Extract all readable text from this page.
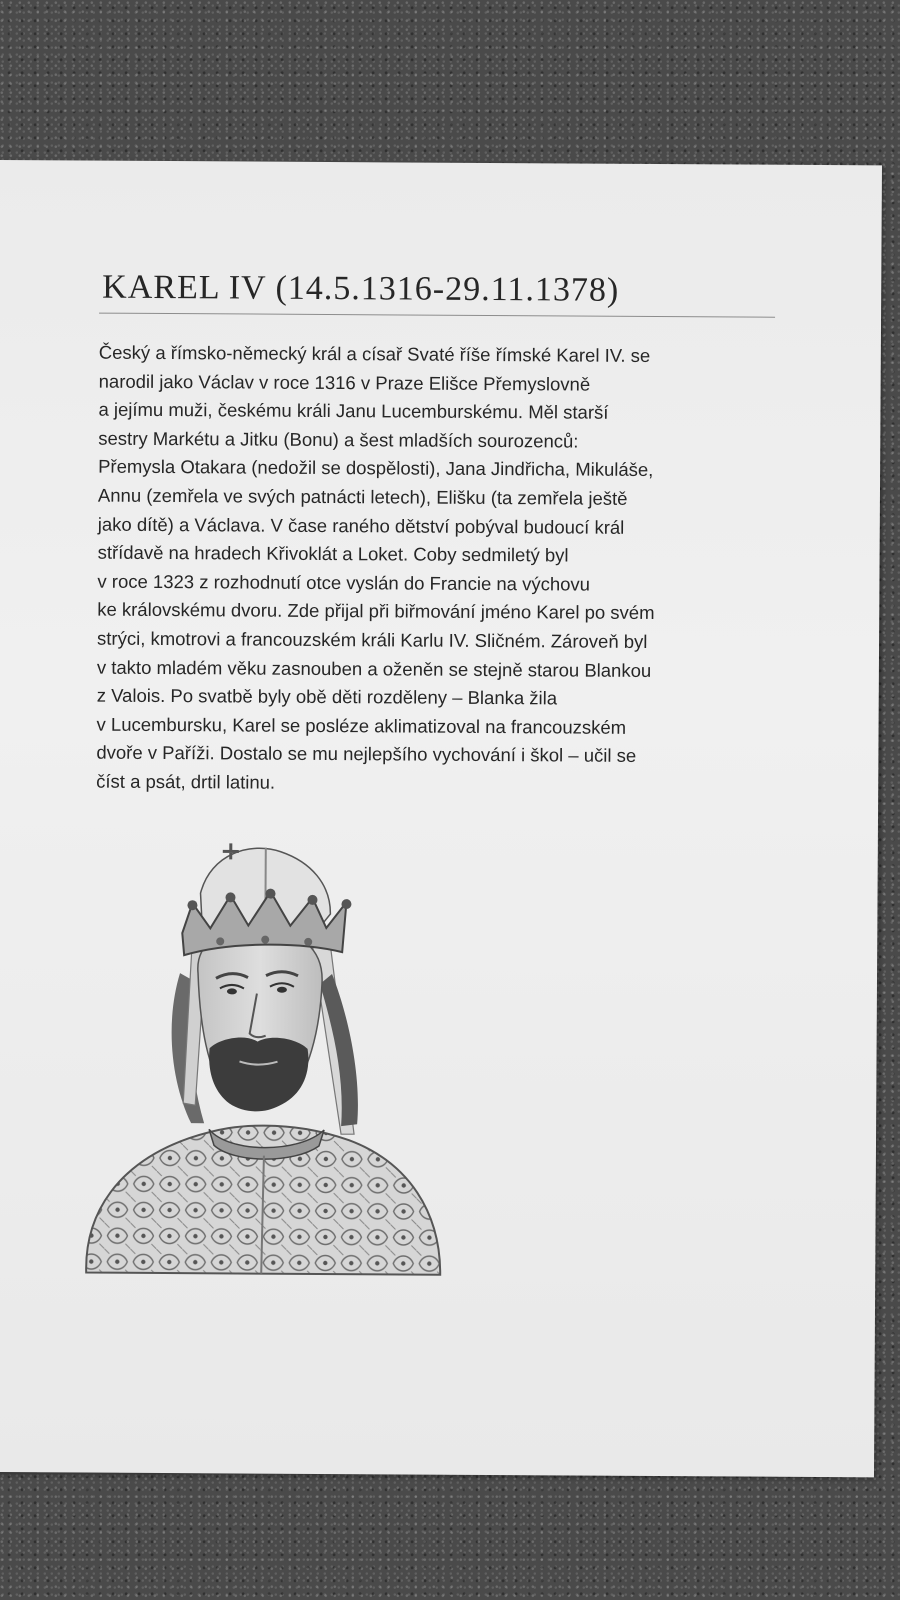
KAREL IV (14.5.1316-29.11.1378)
Český a římsko-německý král a císař Svaté říše římské Karel IV. se
narodil jako Václav v roce 1316 v Praze Elišce Přemyslovně
a jejímu muži, českému králi Janu Lucemburskému. Měl starší
sestry Markétu a Jitku (Bonu) a šest mladších sourozenců:
Přemysla Otakara (nedožil se dospělosti), Jana Jindřicha, Mikuláše,
Annu (zemřela ve svých patnácti letech), Elišku (ta zemřela ještě
jako dítě) a Václava. V čase raného dětství pobýval budoucí král
střídavě na hradech Křivoklát a Loket. Coby sedmiletý byl
v roce 1323 z rozhodnutí otce vyslán do Francie na výchovu
ke královskému dvoru. Zde přijal při biřmování jméno Karel po svém
strýci, kmotrovi a francouzském králi Karlu IV. Sličném. Zároveň byl
v takto mladém věku zasnouben a oženěn se stejně starou Blankou
z Valois. Po svatbě byly obě děti rozděleny – Blanka žila
v Lucembursku, Karel se posléze aklimatizoval na francouzském
dvoře v Paříži. Dostalo se mu nejlepšího vychování i škol – učil se
číst a psát, drtil latinu.
